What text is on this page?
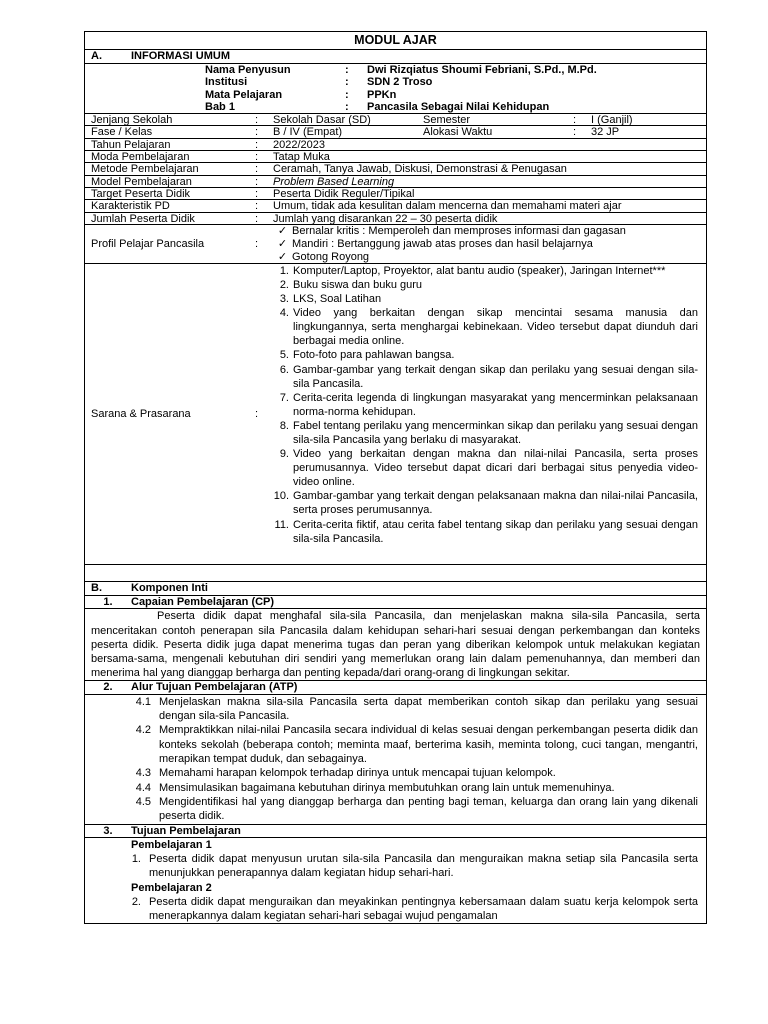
MODUL AJAR
A.	INFORMASI UMUM
Nama Penyusun	:	Dwi Rizqiatus Shoumi Febriani, S.Pd., M.Pd.
Institusi	:	SDN 2 Troso
Mata Pelajaran	:	PPKn
Bab 1	:	Pancasila Sebagai Nilai Kehidupan
Jenjang Sekolah	:	Sekolah Dasar (SD)	Semester	:	I (Ganjil)
Fase / Kelas	:	B / IV (Empat)	Alokasi Waktu	:	32 JP
Tahun Pelajaran	:	2022/2023
Moda Pembelajaran	:	Tatap Muka
Metode Pembelajaran	:	Ceramah, Tanya Jawab, Diskusi, Demonstrasi & Penugasan
Model Pembelajaran	:	Problem Based Learning
Target Peserta Didik	:	Peserta Didik Reguler/Tipikal
Karakteristik PD	:	Umum, tidak ada kesulitan dalam mencerna dan memahami materi ajar
Jumlah Peserta Didik	:	Jumlah yang disarankan 22 – 30 peserta didik
Profil Pelajar Pancasila	:
✓ Bernalar kritis : Memperoleh dan memproses informasi dan gagasan
✓ Mandiri : Bertanggung jawab atas proses dan hasil belajarnya
✓ Gotong Royong
Sarana & Prasarana	:
1. Komputer/Laptop, Proyektor, alat bantu audio (speaker), Jaringan Internet***
2. Buku siswa dan buku guru
3. LKS, Soal Latihan
4. Video yang berkaitan dengan sikap mencintai sesama manusia dan lingkungannya, serta menghargai kebinekaan. Video tersebut dapat diunduh dari berbagai media online.
5. Foto-foto para pahlawan bangsa.
6. Gambar-gambar yang terkait dengan sikap dan perilaku yang sesuai dengan sila-sila Pancasila.
7. Cerita-cerita legenda di lingkungan masyarakat yang mencerminkan pelaksanaan norma-norma kehidupan.
8. Fabel tentang perilaku yang mencerminkan sikap dan perilaku yang sesuai dengan sila-sila Pancasila yang berlaku di masyarakat.
9. Video yang berkaitan dengan makna dan nilai-nilai Pancasila, serta proses perumusannya. Video tersebut dapat dicari dari berbagai situs penyedia video-video online.
10. Gambar-gambar yang terkait dengan pelaksanaan makna dan nilai-nilai Pancasila, serta proses perumusannya.
11. Cerita-cerita fiktif, atau cerita fabel tentang sikap dan perilaku yang sesuai dengan sila-sila Pancasila.
B.	Komponen Inti
1.	Capaian Pembelajaran (CP)
Peserta didik dapat menghafal sila-sila Pancasila, dan menjelaskan makna sila-sila Pancasila, serta menceritakan contoh penerapan sila Pancasila dalam kehidupan sehari-hari sesuai dengan perkembangan dan konteks peserta didik. Peserta didik juga dapat menerima tugas dan peran yang diberikan kelompok untuk melakukan kegiatan bersama-sama, mengenali kebutuhan diri sendiri yang memerlukan orang lain dalam pemenuhannya, dan memberi dan menerima hal yang dianggap berharga dan penting kepada/dari orang-orang di lingkungan sekitar.
2.	Alur Tujuan Pembelajaran (ATP)
4.1 Menjelaskan makna sila-sila Pancasila serta dapat memberikan contoh sikap dan perilaku yang sesuai dengan sila-sila Pancasila.
4.2 Mempraktikkan nilai-nilai Pancasila secara individual di kelas sesuai dengan perkembangan peserta didik dan konteks sekolah (beberapa contoh; meminta maaf, berterima kasih, meminta tolong, cuci tangan, mengantri, merapikan tempat duduk, dan sebagainya.
4.3 Memahami harapan kelompok terhadap dirinya untuk mencapai tujuan kelompok.
4.4 Mensimulasikan bagaimana kebutuhan dirinya membutuhkan orang lain untuk memenuhinya.
4.5 Mengidentifikasi hal yang dianggap berharga dan penting bagi teman, keluarga dan orang lain yang dikenali peserta didik.
3.	Tujuan Pembelajaran
Pembelajaran 1
1. Peserta didik dapat menyusun urutan sila-sila Pancasila dan menguraikan makna setiap sila Pancasila serta menunjukkan penerapannya dalam kegiatan hidup sehari-hari.
Pembelajaran 2
2. Peserta didik dapat menguraikan dan meyakinkan pentingnya kebersamaan dalam suatu kerja kelompok serta menerapkannya dalam kegiatan sehari-hari sebagai wujud pengamalan
